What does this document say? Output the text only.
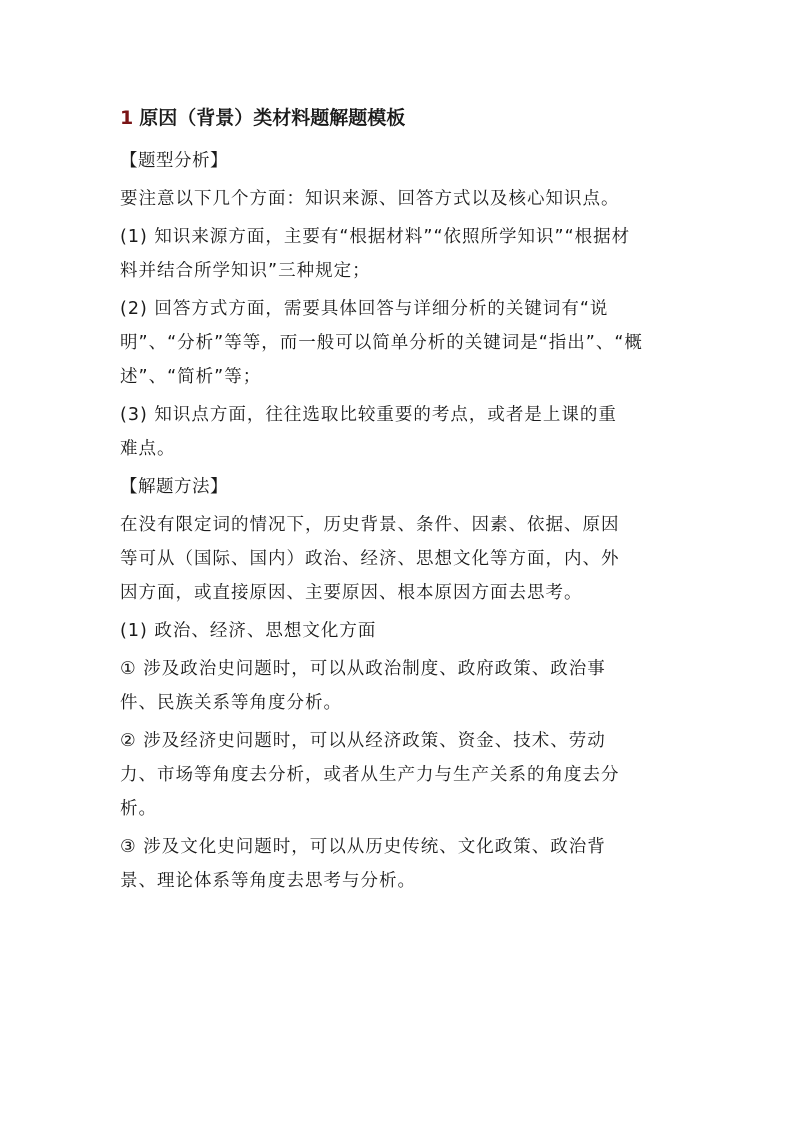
1 原因（背景）类材料题解题模板
【题型分析】
要注意以下几个方面：知识来源、回答方式以及核心知识点。
(1) 知识来源方面，主要有“根据材料”“依照所学知识”“根据材
料并结合所学知识”三种规定；
(2) 回答方式方面，需要具体回答与详细分析的关键词有“说
明”、“分析”等等，而一般可以简单分析的关键词是“指出”、“概
述”、“简析”等；
(3) 知识点方面，往往选取比较重要的考点，或者是上课的重
难点。
【解题方法】
在没有限定词的情况下，历史背景、条件、因素、依据、原因
等可从（国际、国内）政治、经济、思想文化等方面，内、外
因方面，或直接原因、主要原因、根本原因方面去思考。
(1) 政治、经济、思想文化方面
① 涉及政治史问题时，可以从政治制度、政府政策、政治事
件、民族关系等角度分析。
② 涉及经济史问题时，可以从经济政策、资金、技术、劳动
力、市场等角度去分析，或者从生产力与生产关系的角度去分
析。
③ 涉及文化史问题时，可以从历史传统、文化政策、政治背
景、理论体系等角度去思考与分析。
